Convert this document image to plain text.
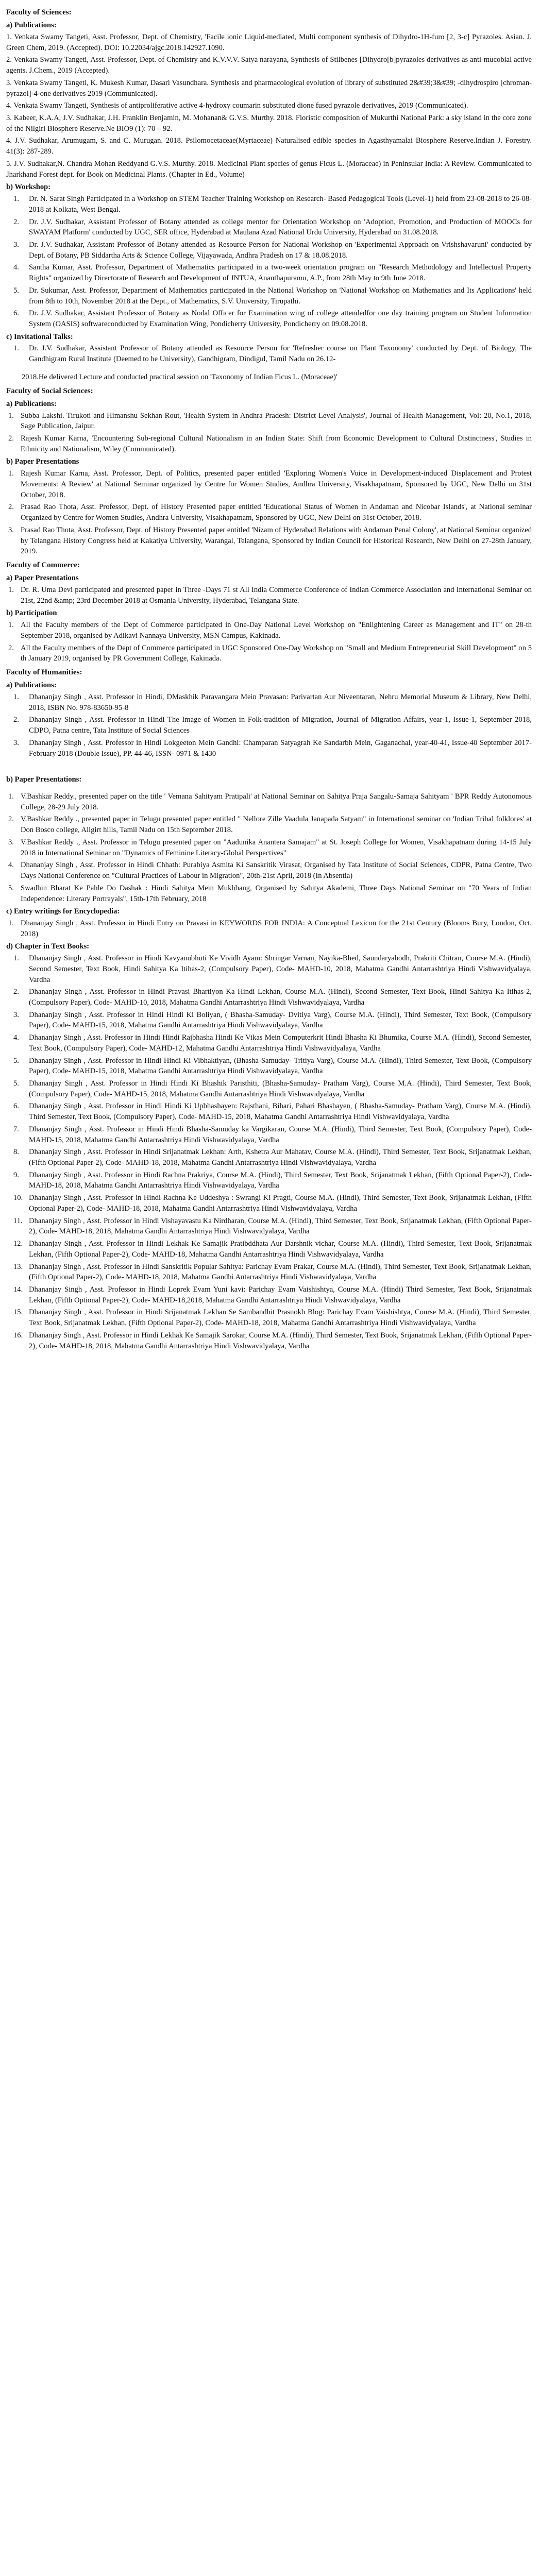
Faculty of Sciences:
a) Publications:

1. Venkata Swamy Tangeti, Asst. Professor, Dept. of Chemistry, 'Facile ionic Liquid-mediated, Multi component synthesis of Dihydro-1H-furo [2, 3-c] Pyrazoles. Asian. J. Green Chem, 2019. (Accepted). DOI: 10.22034/ajgc.2018.142927.1090.

2. Venkata Swamy Tangeti, Asst. Professor, Dept. of Chemistry and K.V.V.V. Satya narayana, Synthesis of Stilbenes [Dihydro[b]pyrazoles derivatives as anti-mucobial active agents. J.Chem., 2019 (Accepted).

3. Venkata Swamy Tangeti, K. Mukesh Kumar, Dasari Vasundhara. Synthesis and pharmacological evolution of library of substituted 2&#39;3&#39; -dihydrospiro [chroman-pyrazol]-4-one derivatives 2019 (Communicated).

4. Venkata Swamy Tangeti, Synthesis of antiproliferative active 4-hydroxy coumarin substituted dione fused pyrazole derivatives, 2019 (Communicated).

3. Kabeer, K.A.A, J.V. Sudhakar, J.H. Franklin Benjamin, M. Mohanan& G.V.S. Murthy. 2018. Floristic composition of Mukurthi National Park: a sky island in the core zone of the Nilgiri Biosphere Reserve.Ne BIO9 (1): 70 – 92.

4. J.V. Sudhakar, Arumugam, S. and C. Murugan. 2018. Psilomocetaceae(Myrtaceae) Naturalised edible species in Agasthyamalai Biosphere Reserve.Indian J. Forestry. 41(3): 287-289.

5. J.V. Sudhakar,N. Chandra Mohan Reddyand G.V.S. Murthy. 2018. Medicinal Plant species of genus Ficus L. (Moraceae) in Peninsular India: A Review. Communicated to Jharkhand Forest dept. for Book on Medicinal Plants. (Chapter in Ed., Volume)

b) Workshop:
1.	Dr. N. Sarat Singh Participated in a Workshop on STEM Teacher Training Workshop on Research- Based Pedagogical Tools (Level-1) held from 23-08-2018 to 26-08-2018 at Kolkata, West Bengal.
2.	Dr. J.V. Sudhakar, Assistant Professor of Botany attended as college mentor for Orientation Workshop on 'Adoption, Promotion, and Production of MOOCs for SWAYAM Platform' conducted by UGC, SER office, Hyderabad at Maulana Azad National Urdu University, Hyderabad on 31.08.2018.
3.	Dr. J.V. Sudhakar, Assistant Professor of Botany attended as Resource Person for National Workshop on 'Experimental Approach on Vrishshavaruni' conducted by Dept. of Botany, PB Siddartha Arts & Science College, Vijayawada, Andhra Pradesh on 17 & 18.08.2018.
4.	Santha Kumar, Asst. Professor, Department of Mathematics participated in a two-week orientation program on "Research Methodology and Intellectual Property Rights" organized by Directorate of Research and Development of JNTUA, Ananthapuramu, A.P., from 28th May to 9th June 2018.
5.	Dr. Sukumar, Asst. Professor, Department of Mathematics participated in the National Workshop on 'National Workshop on Mathematics and Its Applications' held from 8th to 10th, November 2018 at the Dept., of Mathematics, S.V. University, Tirupathi.
6.	Dr. J.V. Sudhakar, Assistant Professor of Botany as Nodal Officer for Examination wing of college attendedfor one day training program on Student Information System (OASIS) softwareconducted by Examination Wing, Pondicherry University, Pondicherry on 09.08.2018.
c) Invitational Talks:
1.	Dr. J.V. Sudhakar, Assistant Professor of Botany attended as Resource Person for 'Refresher course on Plant Taxonomy' conducted by Dept. of Biology, The Gandhigram Rural Institute (Deemed to be University), Gandhigram, Dindigul, Tamil Nadu on 26.12-

2018.He delivered Lecture and conducted practical session on 'Taxonomy of Indian Ficus L. (Moraceae)'

Faculty of Social Sciences:
a) Publications:
1. Subba Lakshi. Tirukoti and Himanshu Sekhan Rout, 'Health System in Andhra Pradesh: District Level Analysis', Journal of Health Management, Vol: 20, No.1, 2018, Sage Publication, Jaipur.
2. Rajesh Kumar Karna, 'Encountering Sub-regional Cultural Nationalism in an Indian State: Shift from Economic Development to Cultural Distinctness', Studies in Ethnicity and Nationalism, Wiley (Communicated).
b) Paper Presentations
1. Rajesh Kumar Karna, Asst. Professor, Dept. of Politics, presented paper entitled 'Exploring Women's Voice in Development-induced Displacement and Protest Movements: A Review' at National Seminar organized by Centre for Women Studies, Andhra University, Visakhapatnam, Sponsored by UGC, New Delhi on 31st October, 2018.
2. Prasad Rao Thota, Asst. Professor, Dept. of History Presented paper entitled 'Educational Status of Women in Andaman and Nicobar Islands', at National seminar Organized by Centre for Women Studies, Andhra University, Visakhapatnam, Sponsored by UGC, New Delhi on 31st October, 2018.
3. Prasad Rao Thota, Asst. Professor, Dept. of History Presented paper entitled 'Nizam of Hyderabad Relations with Andaman Penal Colony', at National Seminar organized by Telangana History Congress held at Kakatiya University, Warangal, Telangana, Sponsored by Indian Council for Historical Research, New Delhi on 27-28th January, 2019.
Faculty of Commerce:
a) Paper Presentations
1. Dr. R. Uma Devi participated and presented paper in Three -Days 71 st All India Commerce Conference of Indian Commerce Association and International Seminar on 21st, 22nd &amp; 23rd December 2018 at Osmania University, Hyderabad, Telangana State.
b) Participation
1. All the Faculty members of the Dept of Commerce participated in One-Day National Level Workshop on "Enlightening Career as Management and IT" on 28-th September 2018, organised by Adikavi Nannaya University, MSN Campus, Kakinada.
2. All the Faculty members of the Dept of Commerce participated in UGC Sponsored One-Day Workshop on "Small and Medium Entrepreneurial Skill Development" on 5 th January 2019, organised by PR Government College, Kakinada.
Faculty of Humanities:
a) Publications:
1.	Dhananjay Singh , Asst. Professor in Hindi, DMaskhik Paravangara Mein Pravasan: Parivartan Aur Niveentaran, Nehru Memorial Museum & Library, New Delhi, 2018, ISBN No. 978-83650-95-8
2.	Dhananjay Singh , Asst. Professor in Hindi The Image of Women in Folk-tradition of Migration, Journal of Migration Affairs, year-1, Issue-1, September 2018, CDPO, Patna centre, Tata Institute of Social Sciences
3.	Dhananjay Singh , Asst. Professor in Hindi Lokgeeton Mein Gandhi: Champaran Satyagrah Ke Sandarbh Mein, Gaganachal, year-40-41, Issue-40 September 2017- February 2018 (Double Issue), PP. 44-46, ISSN- 0971 & 1430
b) Paper Presentations:
1. V.Bashkar Reddy., presented paper on the title ' Vemana Sahityam Pratipali' at National Seminar on Sahitya Praja Sangalu-Samaja Sahityam ' BPR Reddy Autonomous College, 28-29 July 2018.
2. V.Bashkar Reddy ., presented paper in Telugu presented paper entitled " Nellore Zille Vaadula Janapada Satyam" in International seminar on 'Indian Tribal folklores' at Don Bosco college, Allgirt hills, Tamil Nadu on 15th September 2018.
3. V.Bashkar Reddy ., Asst. Professor in Telugu presented paper on "Aadunika Anantera Samajam" at St. Joseph College for Women, Visakhapatnam during 14-15 July 2018 in International Seminar on "Dynamics of Feminine Literacy-Global Perspectives"
4. Dhananjay Singh , Asst. Professor in Hindi Chhath: Purabiya Asmita Ki Sanskritik Virasat, Organised by Tata Institute of Social Sciences, CDPR, Patna Centre, Two Days National Conference on "Cultural Practices of Labour in Migration", 20th-21st April, 2018 (In Absentia)
5. Swadhin Bharat Ke Pahle Do Dashak : Hindi Sahitya Mein Mukhbang, Organised by Sahitya Akademi, Three Days National Seminar on "70 Years of Indian Independence: Literary Portrayals", 15th-17th February, 2018
c) Entry writings for Encyclopedia:
1. Dhananjay Singh , Asst. Professor in Hindi Entry on Pravasi in KEYWORDS FOR INDIA: A Conceptual Lexicon for the 21st Century (Blooms Bury, London, Oct. 2018)
d) Chapter in Text Books:
1.	Dhananjay Singh , Asst. Professor in Hindi Kavyanubhuti Ke Vividh Ayam: Shringar Varnan, Nayika-Bhed, Saundaryabodh, Prakriti Chitran, Course M.A. (Hindi), Second Semester, Text Book, Hindi Sahitya Ka Itihas-2, (Compulsory Paper), Code- MAHD-10, 2018, Mahatma Gandhi Antarrashtriya Hindi Vishwavidyalaya, Vardha
2.	Dhananjay Singh , Asst. Professor in Hindi Pravasi Bhartiyon Ka Hindi Lekhan, Course M.A. (Hindi), Second Semester, Text Book, Hindi Sahitya Ka Itihas-2, (Compulsory Paper), Code- MAHD-10, 2018, Mahatma Gandhi Antarrashtriya Hindi Vishwavidyalaya, Vardha
3.	Dhananjay Singh , Asst. Professor in Hindi Hindi Ki Boliyan, ( Bhasha-Samuday- Dvitiya Varg), Course M.A. (Hindi), Third Semester, Text Book, (Compulsory Paper), Code- MAHD-15, 2018, Mahatma Gandhi Antarrashtriya Hindi Vishwavidyalaya, Vardha
4.	Dhananjay Singh , Asst. Professor in Hindi Hindi Rajbhasha Hindi Ke Vikas Mein Computerkrit Hindi Bhasha Ki Bhumika, Course M.A. (Hindi), Second Semester, Text Book, (Compulsory Paper), Code- MAHD-12, Mahatma Gandhi Antarrashtriya Hindi Vishwavidyalaya, Vardha
5.	Dhananjay Singh , Asst. Professor in Hindi Hindi Ki Vibhaktiyan, (Bhasha-Samuday- Tritiya Varg), Course M.A. (Hindi), Third Semester, Text Book, (Compulsory Paper), Code- MAHD-15, 2018, Mahatma Gandhi Antarrashtriya Hindi Vishwavidyalaya, Vardha
5.	Dhananjay Singh , Asst. Professor in Hindi Hindi Ki Bhashik Paristhiti, (Bhasha-Samuday- Pratham Varg), Course M.A. (Hindi), Third Semester, Text Book, (Compulsory Paper), Code- MAHD-15, 2018, Mahatma Gandhi Antarrashtriya Hindi Vishwavidyalaya, Vardha
6.	Dhananjay Singh , Asst. Professor in Hindi Hindi Ki Upbhashayen: Rajsthani, Bihari, Pahari Bhashayen, ( Bhasha-Samuday- Pratham Varg), Course M.A. (Hindi), Third Semester, Text Book, (Compulsory Paper), Code- MAHD-15, 2018, Mahatma Gandhi Antarrashtriya Hindi Vishwavidyalaya, Vardha
7.	Dhananjay Singh , Asst. Professor in Hindi Hindi Bhasha-Samuday ka Vargikaran, Course M.A. (Hindi), Third Semester, Text Book, (Compulsory Paper), Code- MAHD-15, 2018, Mahatma Gandhi Antarrashtriya Hindi Vishwavidyalaya, Vardha
8.	Dhananjay Singh , Asst. Professor in Hindi Srijanatmak Lekhan: Arth, Kshetra Aur Mahatav, Course M.A. (Hindi), Third Semester, Text Book, Srijanatmak Lekhan, (Fifth Optional Paper-2), Code- MAHD-18, 2018, Mahatma Gandhi Antarrashtriya Hindi Vishwavidyalaya, Vardha
9.	Dhananjay Singh , Asst. Professor in Hindi Rachna Prakriya, Course M.A. (Hindi), Third Semester, Text Book, Srijanatmak Lekhan, (Fifth Optional Paper-2), Code- MAHD-18, 2018, Mahatma Gandhi Antarrashtriya Hindi Vishwavidyalaya, Vardha
10. Dhananjay Singh , Asst. Professor in Hindi Rachna Ke Uddeshya : Swrangi Ki Pragti, Course M.A. (Hindi), Third Semester, Text Book, Srijanatmak Lekhan, (Fifth Optional Paper-2), Code- MAHD-18, 2018, Mahatma Gandhi Antarrashtriya Hindi Vishwavidyalaya, Vardha
11. Dhananjay Singh , Asst. Professor in Hindi Vishayavastu Ka Nirdharan, Course M.A. (Hindi), Third Semester, Text Book, Srijanatmak Lekhan, (Fifth Optional Paper-2), Code- MAHD-18, 2018, Mahatma Gandhi Antarrashtriya Hindi Vishwavidyalaya, Vardha
12. Dhananjay Singh , Asst. Professor in Hindi Lekhak Ke Samajik Pratibddhata Aur Darshnik vichar, Course M.A. (Hindi), Third Semester, Text Book, Srijanatmak Lekhan, (Fifth Optional Paper-2), Code- MAHD-18, Mahatma Gandhi Antarrashtriya Hindi Vishwavidyalaya, Vardha
13. Dhananjay Singh , Asst. Professor in Hindi Sanskritik Popular Sahitya: Parichay Evam Prakar, Course M.A. (Hindi), Third Semester, Text Book, Srijanatmak Lekhan, (Fifth Optional Paper-2), Code- MAHD-18, 2018, Mahatma Gandhi Antarrashtriya Hindi Vishwavidyalaya, Vardha
14. Dhananjay Singh , Asst. Professor in Hindi Loprek Evam Yuni kavi: Parichay Evam Vaishishtya, Course M.A. (Hindi) Third Semester, Text Book, Srijanatmak Lekhan, (Fifth Optional Paper-2), Code- MAHD-18,2018, Mahatma Gandhi Antarrashtriya Hindi Vishwavidyalaya, Vardha
15. Dhananjay Singh , Asst. Professor in Hindi Srijanatmak Lekhan Se Sambandhit Prasnokh Blog: Parichay Evam Vaishishtya, Course M.A. (Hindi), Third Semester, Text Book, Srijanatmak Lekhan, (Fifth Optional Paper-2), Code- MAHD-18, 2018, Mahatma Gandhi Antarrashtriya Hindi Vishwavidyalaya, Vardha
16. Dhananjay Singh , Asst. Professor in Hindi Lekhak Ke Samajik Sarokar, Course M.A. (Hindi), Third Semester, Text Book, Srijanatmak Lekhan, (Fifth Optional Paper-2), Code- MAHD-18, 2018, Mahatma Gandhi Antarrashtriya Hindi Vishwavidyalaya, Vardha
